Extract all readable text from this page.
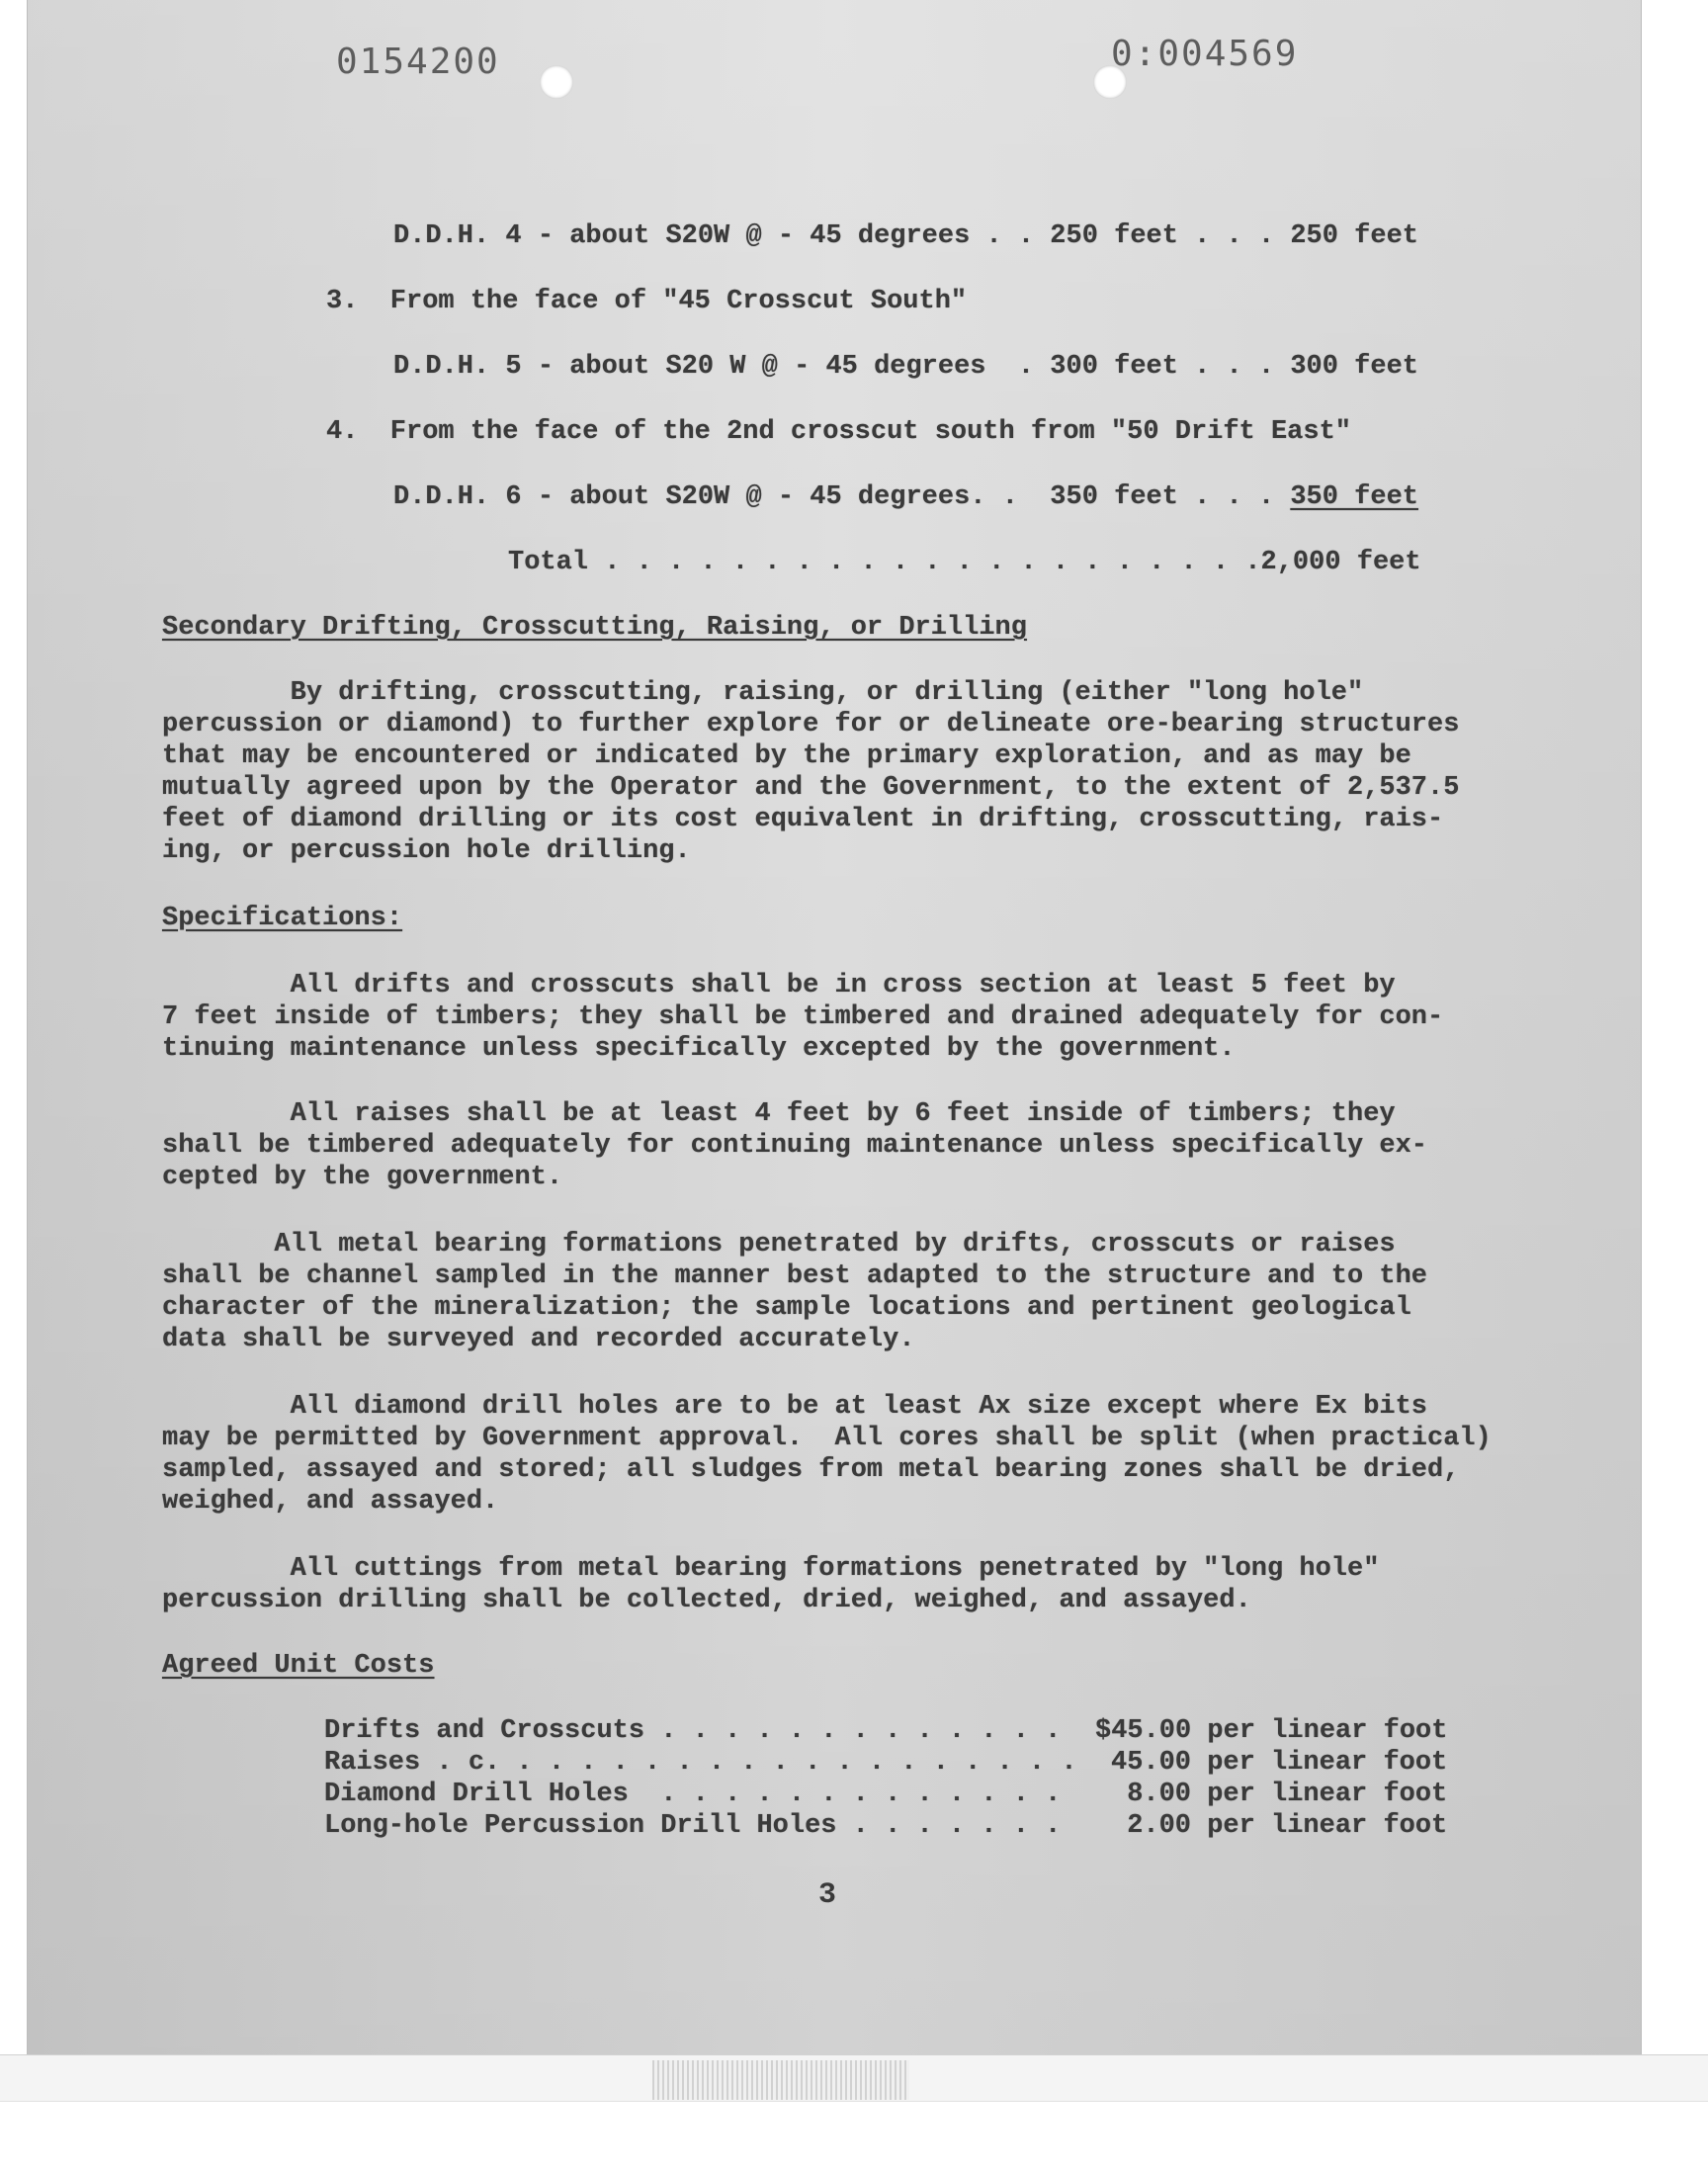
0154200	0:004569
D.D.H. 4 - about S20W @ - 45 degrees . . 250 feet . . . 250 feet
3.  From the face of "45 Crosscut South"
D.D.H. 5 - about S20 W @ - 45 degrees  . 300 feet . . . 300 feet
4.  From the face of the 2nd crosscut south from "50 Drift East"
D.D.H. 6 - about S20W @ - 45 degrees. .  350 feet . . . 350 feet
Total . . . . . . . . . . . . . . . . . . . . .2,000 feet
Secondary Drifting, Crosscutting, Raising, or Drilling
By drifting, crosscutting, raising, or drilling (either "long hole"
percussion or diamond) to further explore for or delineate ore-bearing structures
that may be encountered or indicated by the primary exploration, and as may be
mutually agreed upon by the Operator and the Government, to the extent of 2,537.5
feet of diamond drilling or its cost equivalent in drifting, crosscutting, rais-
ing, or percussion hole drilling.
Specifications:
All drifts and crosscuts shall be in cross section at least 5 feet by
7 feet inside of timbers; they shall be timbered and drained adequately for con-
tinuing maintenance unless specifically excepted by the government.
All raises shall be at least 4 feet by 6 feet inside of timbers; they
shall be timbered adequately for continuing maintenance unless specifically ex-
cepted by the government.
All metal bearing formations penetrated by drifts, crosscuts or raises
shall be channel sampled in the manner best adapted to the structure and to the
character of the mineralization; the sample locations and pertinent geological
data shall be surveyed and recorded accurately.
All diamond drill holes are to be at least Ax size except where Ex bits
may be permitted by Government approval.  All cores shall be split (when practical)
sampled, assayed and stored; all sludges from metal bearing zones shall be dried,
weighed, and assayed.
All cuttings from metal bearing formations penetrated by "long hole"
percussion drilling shall be collected, dried, weighed, and assayed.
Agreed Unit Costs
Drifts and Crosscuts . . . . . . . . . . . . . $45.00 per linear foot
Raises . c. . . . . . . . . . . . . . . . . . . 45.00 per linear foot
Diamond Drill Holes  . . . . . . . . . . . . . 8.00 per linear foot
Long-hole Percussion Drill Holes . . . . . . . 2.00 per linear foot
3
